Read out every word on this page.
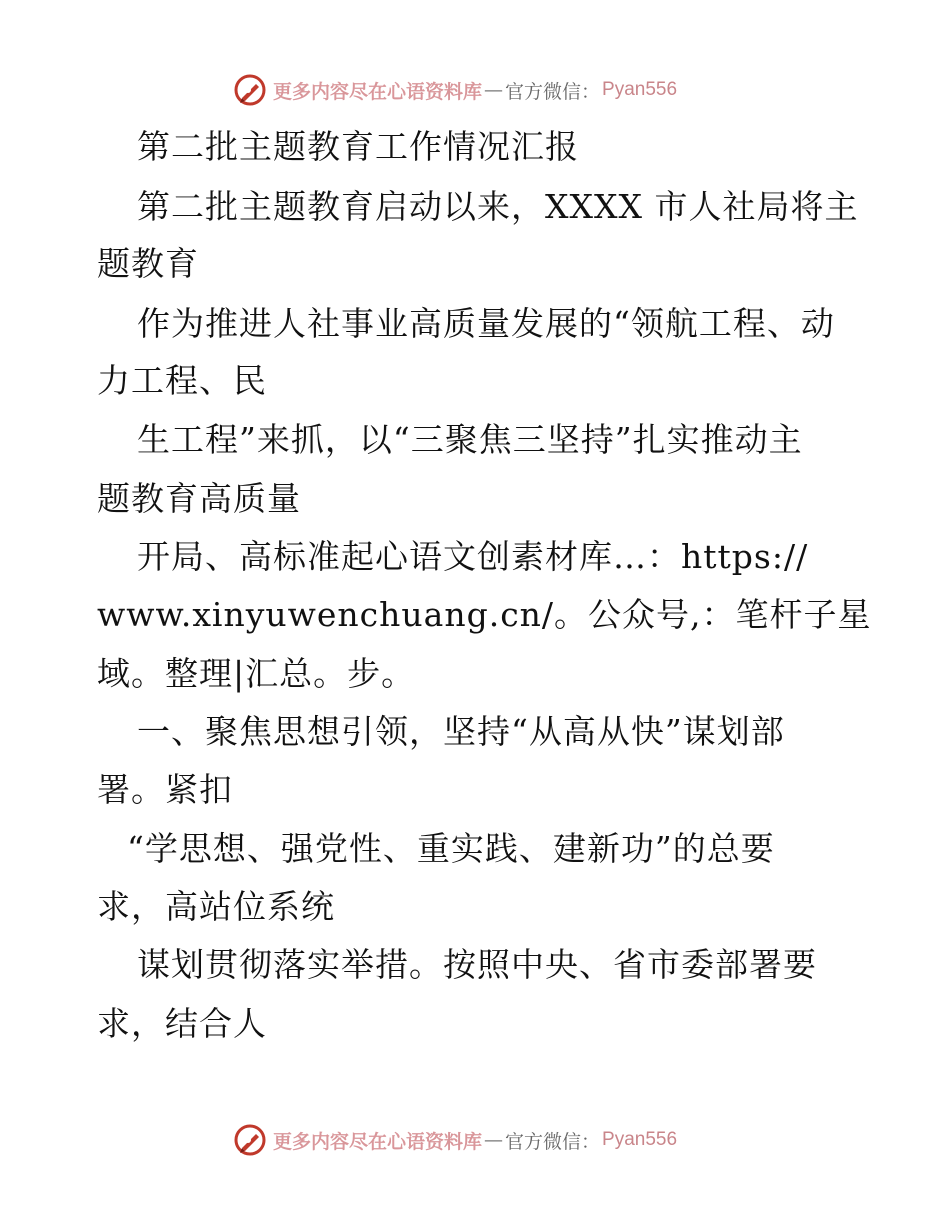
更多内容尽在心语资料库 — 官方微信： Pyan556
第二批主题教育工作情况汇报
第二批主题教育启动以来，XXXX 市人社局将主
题教育
作为推进人社事业高质量发展的“领航工程、动
力工程、民
生工程”来抓，以“三聚焦三坚持”扎实推动主
题教育高质量
开局、高标准起心语文创素材库…：https://
www.xinyuwenchuang.cn/。公众号,：笔杆子星
域。整理|汇总。步。
一、聚焦思想引领，坚持“从高从快”谋划部
署。紧扣
“学思想、强党性、重实践、建新功”的总要
求，高站位系统
谋划贯彻落实举措。按照中央、省市委部署要
求，结合人
更多内容尽在心语资料库 — 官方微信： Pyan556
